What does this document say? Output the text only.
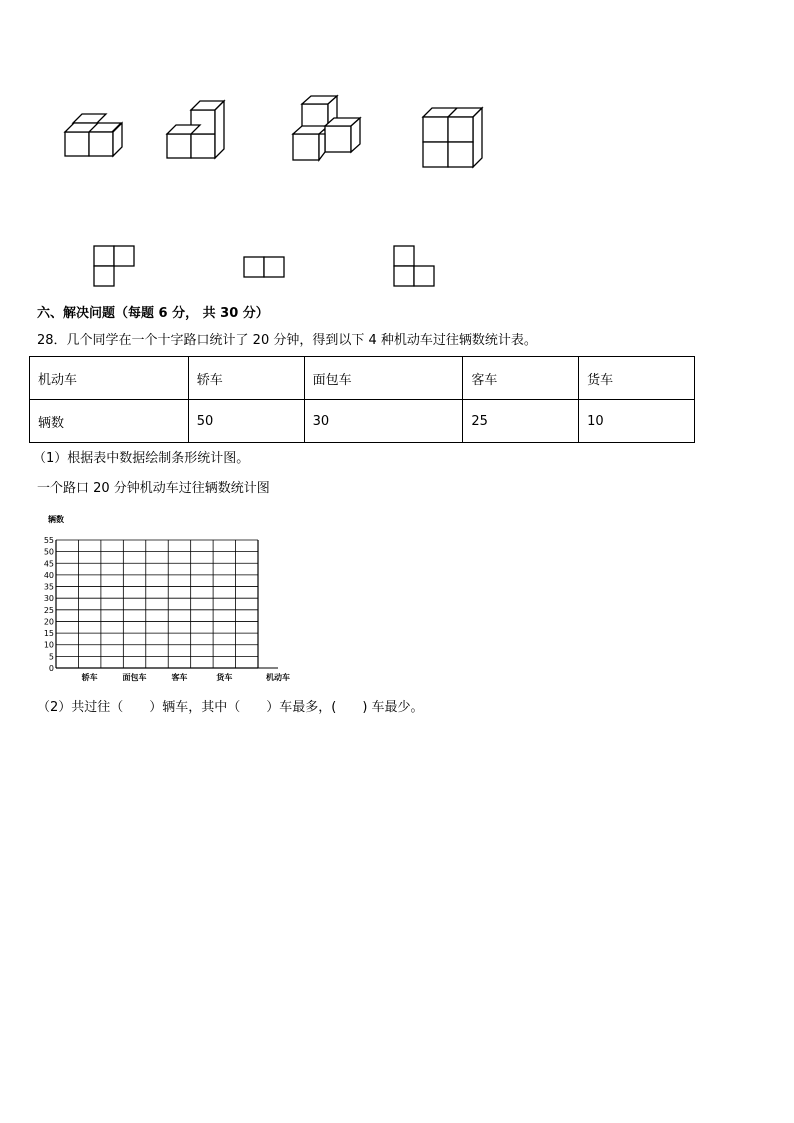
六、解决问题（每题 6 分， 共 30 分）
28．几个同学在一个十字路口统计了 20 分钟，得到以下 4 种机动车过往辆数统计表。
机动车	轿车	面包车	客车	货车
辆数	50	30	25	10
（1）根据表中数据绘制条形统计图。
一个路口 20 分钟机动车过往辆数统计图
0
5
10
15
20
25
30
35
40
45
50
55
辆数
轿车	面包车	客车	货车	机动车
（2）共过往（　　）辆车，其中（　　）车最多，(　　) 车最少。
